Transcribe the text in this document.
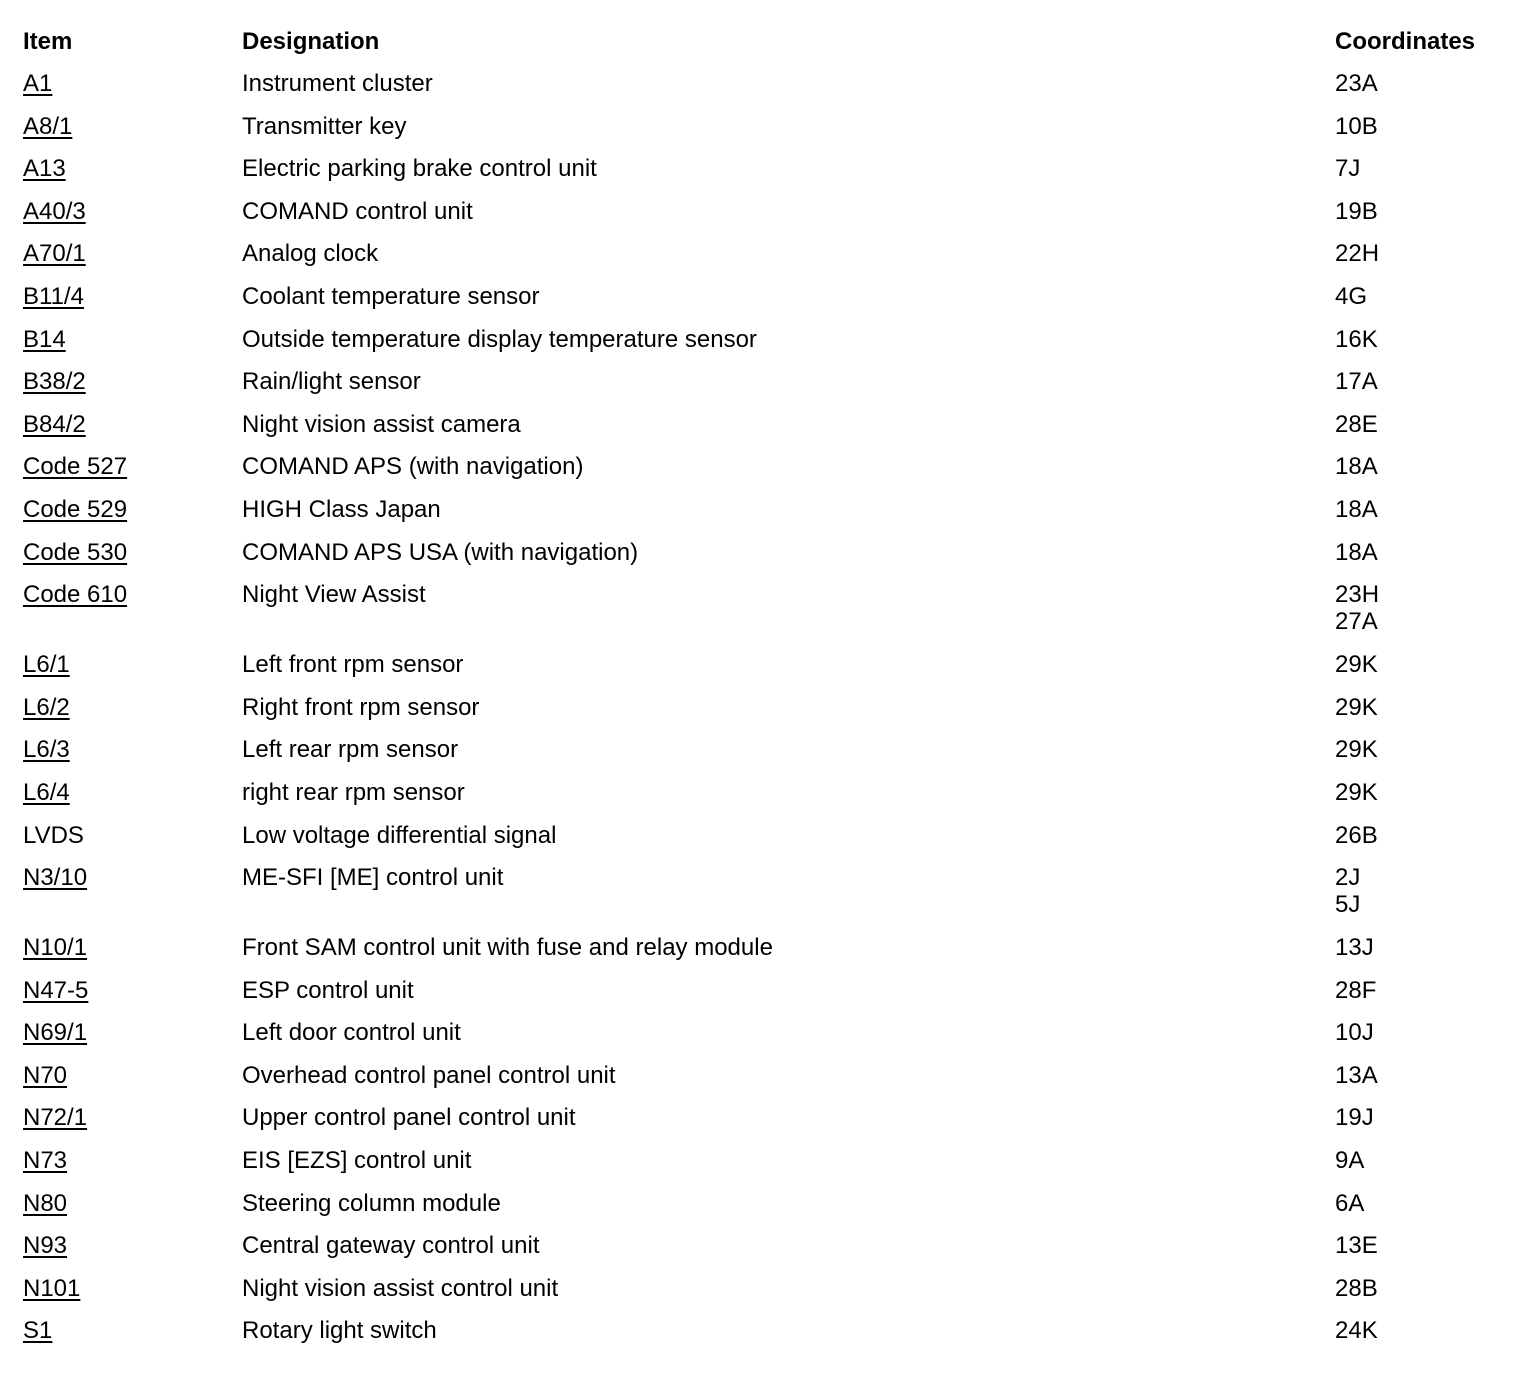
Item	Designation	Coordinates
A1	Instrument cluster	23A
A8/1	Transmitter key	10B
A13	Electric parking brake control unit	7J
A40/3	COMAND control unit	19B
A70/1	Analog clock	22H
B11/4	Coolant temperature sensor	4G
B14	Outside temperature display temperature sensor	16K
B38/2	Rain/light sensor	17A
B84/2	Night vision assist camera	28E
Code 527	COMAND APS (with navigation)	18A
Code 529	HIGH Class Japan	18A
Code 530	COMAND APS USA (with navigation)	18A
Code 610	Night View Assist	23H
27A
L6/1	Left front rpm sensor	29K
L6/2	Right front rpm sensor	29K
L6/3	Left rear rpm sensor	29K
L6/4	right rear rpm sensor	29K
LVDS	Low voltage differential signal	26B
N3/10	ME-SFI [ME] control unit	2J
5J
N10/1	Front SAM control unit with fuse and relay module	13J
N47-5	ESP control unit	28F
N69/1	Left door control unit	10J
N70	Overhead control panel control unit	13A
N72/1	Upper control panel control unit	19J
N73	EIS [EZS] control unit	9A
N80	Steering column module	6A
N93	Central gateway control unit	13E
N101	Night vision assist control unit	28B
S1	Rotary light switch	24K
